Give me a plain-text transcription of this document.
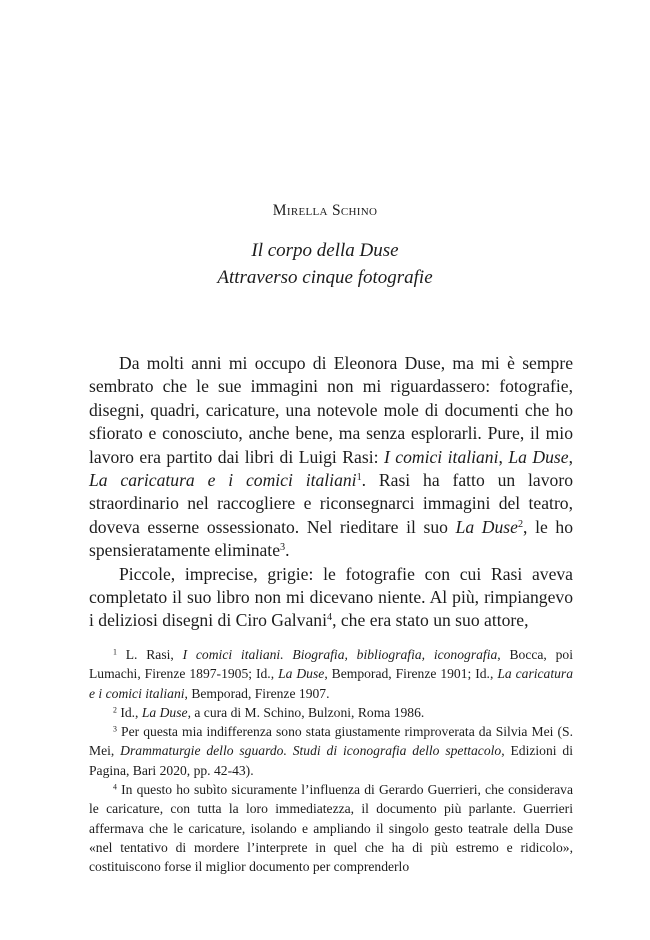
Mirella Schino
Il corpo della Duse
Attraverso cinque fotografie

Da molti anni mi occupo di Eleonora Duse, ma mi è sempre sembrato che le sue immagini non mi riguardassero: fotografie, disegni, quadri, caricature, una notevole mole di documenti che ho sfiorato e conosciuto, anche bene, ma senza esplorarli. Pure, il mio lavoro era partito dai libri di Luigi Rasi: I comici italiani, La Duse, La caricatura e i comici italiani$^1$. Rasi ha fatto un lavoro straordinario nel raccogliere e riconsegnarci immagini del teatro, doveva esserne ossessionato. Nel rieditare il suo La Duse$^2$, le ho spensieratamente eliminate$^3$.

Piccole, imprecise, grigie: le fotografie con cui Rasi aveva completato il suo libro non mi dicevano niente. Al più, rimpiangevo i deliziosi disegni di Ciro Galvani$^4$, che era stato un suo attore,

$^1$ L. Rasi, I comici italiani. Biografia, bibliografia, iconografia, Bocca, poi Lumachi, Firenze 1897-1905; Id., La Duse, Bemporad, Firenze 1901; Id., La caricatura e i comici italiani, Bemporad, Firenze 1907.

$^2$ Id., La Duse, a cura di M. Schino, Bulzoni, Roma 1986.

$^3$ Per questa mia indifferenza sono stata giustamente rimproverata da Silvia Mei (S. Mei, Drammaturgie dello sguardo. Studi di iconografia dello spettacolo, Edizioni di Pagina, Bari 2020, pp. 42-43).

$^4$ In questo ho subìto sicuramente l’influenza di Gerardo Guerrieri, che considerava le caricature, con tutta la loro immediatezza, il documento più parlante. Guerrieri affermava che le caricature, isolando e ampliando il singolo gesto teatrale della Duse «nel tentativo di mordere l’interprete in quel che ha di più estremo e ridicolo», costituiscono forse il miglior documento per comprenderlo
